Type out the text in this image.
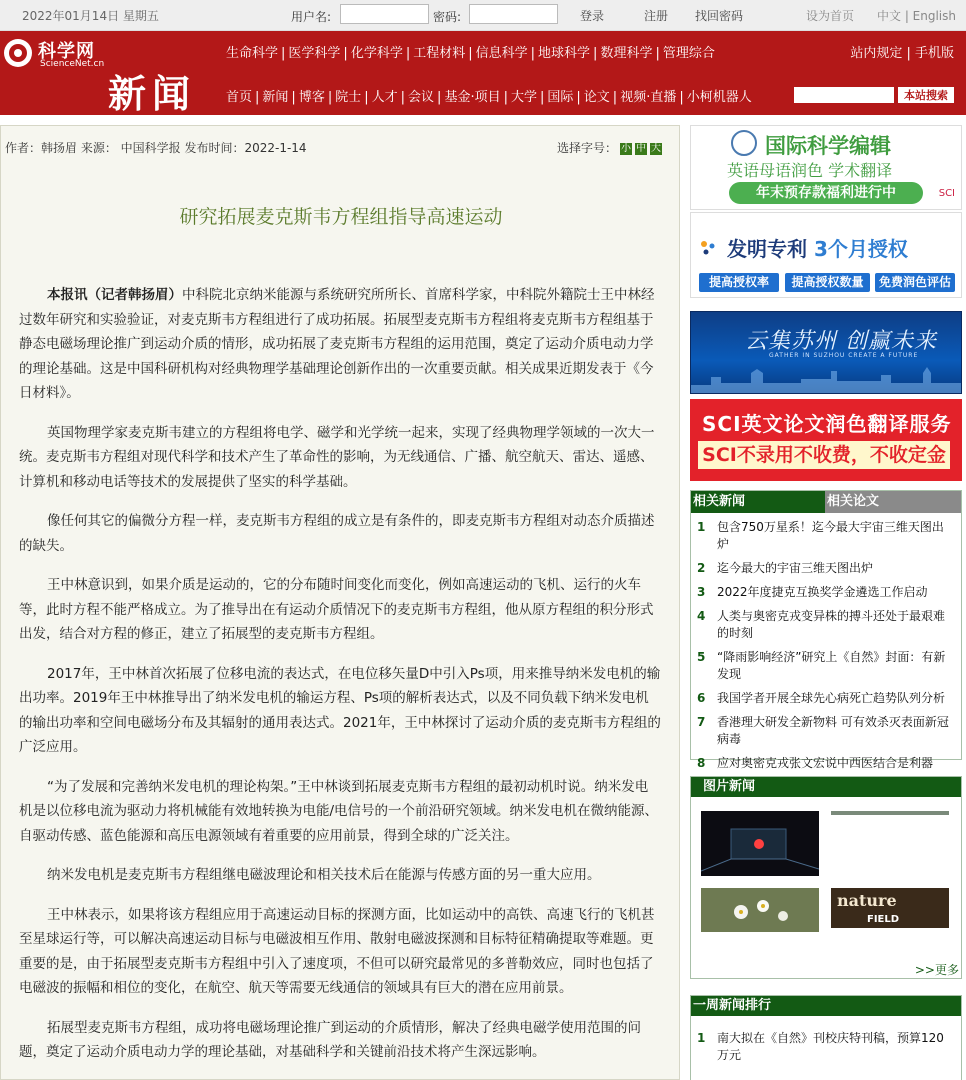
2022年01月14日 星期五	用户名:	密码:	登录	注册 找回密码	设为首页 中文 | English
科学网
ScienceNet.cn
新闻
生命科学 | 医学科学 | 化学科学 | 工程材料 | 信息科学 | 地球科学 | 数理科学 | 管理综合	站内规定 | 手机版
首页 | 新闻 | 博客 | 院士 | 人才 | 会议 | 基金·项目 | 大学 | 国际 | 论文 | 视频·直播 | 小柯机器人	本站搜索
作者：韩扬眉 来源： 中国科学报 发布时间：2022-1-14	选择字号： 小 中 大
研究拓展麦克斯韦方程组指导高速运动

本报讯（记者韩扬眉）中科院北京纳米能源与系统研究所所长、首席科学家，中科院外籍院士王中林经过数年研究和实验验证，对麦克斯韦方程组进行了成功拓展。拓展型麦克斯韦方程组将麦克斯韦方程组基于静态电磁场理论推广到运动介质的情形，成功拓展了麦克斯韦方程组的运用范围，奠定了运动介质电动力学的理论基础。这是中国科研机构对经典物理学基础理论创新作出的一次重要贡献。相关成果近期发表于《今日材料》。

英国物理学家麦克斯韦建立的方程组将电学、磁学和光学统一起来，实现了经典物理学领域的一次大一统。麦克斯韦方程组对现代科学和技术产生了革命性的影响，为无线通信、广播、航空航天、雷达、遥感、计算机和移动电话等技术的发展提供了坚实的科学基础。

像任何其它的偏微分方程一样，麦克斯韦方程组的成立是有条件的，即麦克斯韦方程组对动态介质描述的缺失。

王中林意识到，如果介质是运动的，它的分布随时间变化而变化，例如高速运动的飞机、运行的火车等，此时方程不能严格成立。为了推导出在有运动介质情况下的麦克斯韦方程组，他从原方程组的积分形式出发，结合对方程的修正，建立了拓展型的麦克斯韦方程组。

2017年，王中林首次拓展了位移电流的表达式，在电位移矢量D中引入Ps项，用来推导纳米发电机的输出功率。2019年王中林推导出了纳米发电机的输运方程、Ps项的解析表达式，以及不同负载下纳米发电机的输出功率和空间电磁场分布及其辐射的通用表达式。2021年，王中林探讨了运动介质的麦克斯韦方程组的广泛应用。

“为了发展和完善纳米发电机的理论构架。”王中林谈到拓展麦克斯韦方程组的最初动机时说。纳米发电机是以位移电流为驱动力将机械能有效地转换为电能/电信号的一个前沿研究领域。纳米发电机在微纳能源、自驱动传感、蓝色能源和高压电源领域有着重要的应用前景，得到全球的广泛关注。

纳米发电机是麦克斯韦方程组继电磁波理论和相关技术后在能源与传感方面的另一重大应用。

王中林表示，如果将该方程组应用于高速运动目标的探测方面，比如运动中的高铁、高速飞行的飞机甚至星球运行等，可以解决高速运动目标与电磁波相互作用、散射电磁波探测和目标特征精确提取等难题。更重要的是，由于拓展型麦克斯韦方程组中引入了速度项，不但可以研究最常见的多普勒效应，同时也包括了电磁波的振幅和相位的变化，在航空、航天等需要无线通信的领域具有巨大的潜在应用前景。

拓展型麦克斯韦方程组，成功将电磁场理论推广到运动的介质情形，解决了经典电磁学使用范围的问题，奠定了运动介质电动力学的理论基础，对基础科学和关键前沿技术将产生深远影响。

国际科学编辑
英语母语润色 学术翻译
年末预存款福利进行中	SCI
发明专利 3个月授权
提高授权率	提高授权数量	免费润色评估
云集苏州 创赢未来
GATHER IN SUZHOU CREATE A FUTURE
SCI英文论文润色翻译服务
SCI不录用不收费，不收定金
相关新闻	相关论文
1 包含750万星系！迄今最大宇宙三维天图出炉
2 迄今最大的宇宙三维天图出炉
3 2022年度捷克互换奖学金遴选工作启动
4 人类与奥密克戎变异株的搏斗还处于最艰难的时刻
5 “降雨影响经济”研究上《自然》封面：有新发现
6 我国学者开展全球先心病死亡趋势队列分析
7 香港理大研发全新物料 可有效杀灭表面新冠病毒
8 应对奥密克戎张文宏说中西医结合是利器
图片新闻
nature
FIELD
>>更多
一周新闻排行
1 南大拟在《自然》刊校庆特刊稿，预算120万元
